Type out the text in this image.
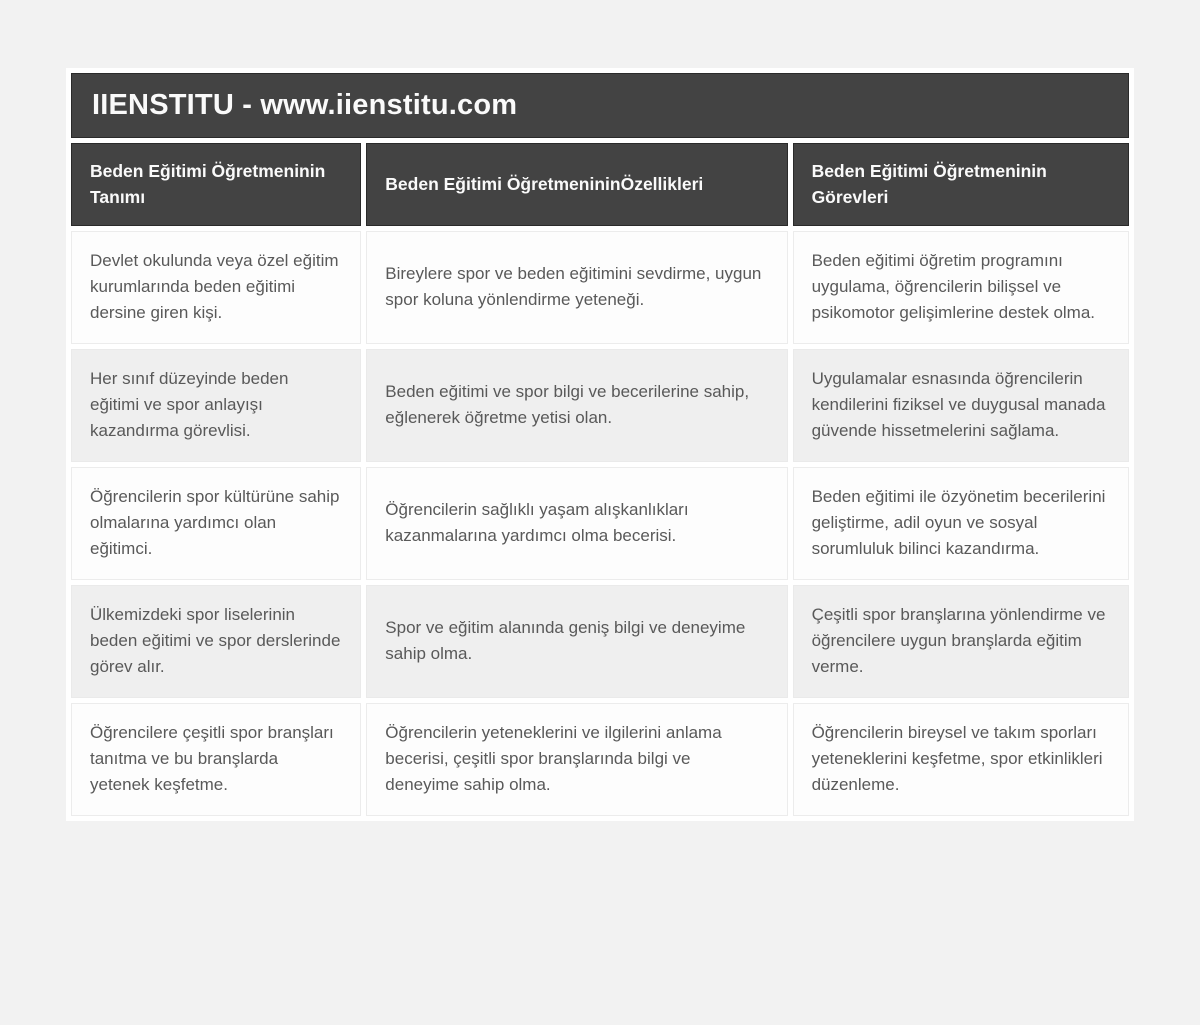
IIENSTITU - www.iienstitu.com		
Beden Eğitimi Öğretmeninin Tanımı	Beden Eğitimi ÖğretmenininÖzellikleri	Beden Eğitimi Öğretmeninin Görevleri
Devlet okulunda veya özel eğitim kurumlarında beden eğitimi dersine giren kişi.	Bireylere spor ve beden eğitimini sevdirme, uygun spor koluna yönlendirme yeteneği.	Beden eğitimi öğretim programını uygulama, öğrencilerin bilişsel ve psikomotor gelişimlerine destek olma.
Her sınıf düzeyinde beden eğitimi ve spor anlayışı kazandırma görevlisi.	Beden eğitimi ve spor bilgi ve becerilerine sahip, eğlenerek öğretme yetisi olan.	Uygulamalar esnasında öğrencilerin kendilerini fiziksel ve duygusal manada güvende hissetmelerini sağlama.
Öğrencilerin spor kültürüne sahip olmalarına yardımcı olan eğitimci.	Öğrencilerin sağlıklı yaşam alışkanlıkları kazanmalarına yardımcı olma becerisi.	Beden eğitimi ile özyönetim becerilerini geliştirme, adil oyun ve sosyal sorumluluk bilinci kazandırma.
Ülkemizdeki spor liselerinin beden eğitimi ve spor derslerinde görev alır.	Spor ve eğitim alanında geniş bilgi ve deneyime sahip olma.	Çeşitli spor branşlarına yönlendirme ve öğrencilere uygun branşlarda eğitim verme.
Öğrencilere çeşitli spor branşları tanıtma ve bu branşlarda yetenek keşfetme.	Öğrencilerin yeteneklerini ve ilgilerini anlama becerisi, çeşitli spor branşlarında bilgi ve deneyime sahip olma.	Öğrencilerin bireysel ve takım sporları yeteneklerini keşfetme, spor etkinlikleri düzenleme.
